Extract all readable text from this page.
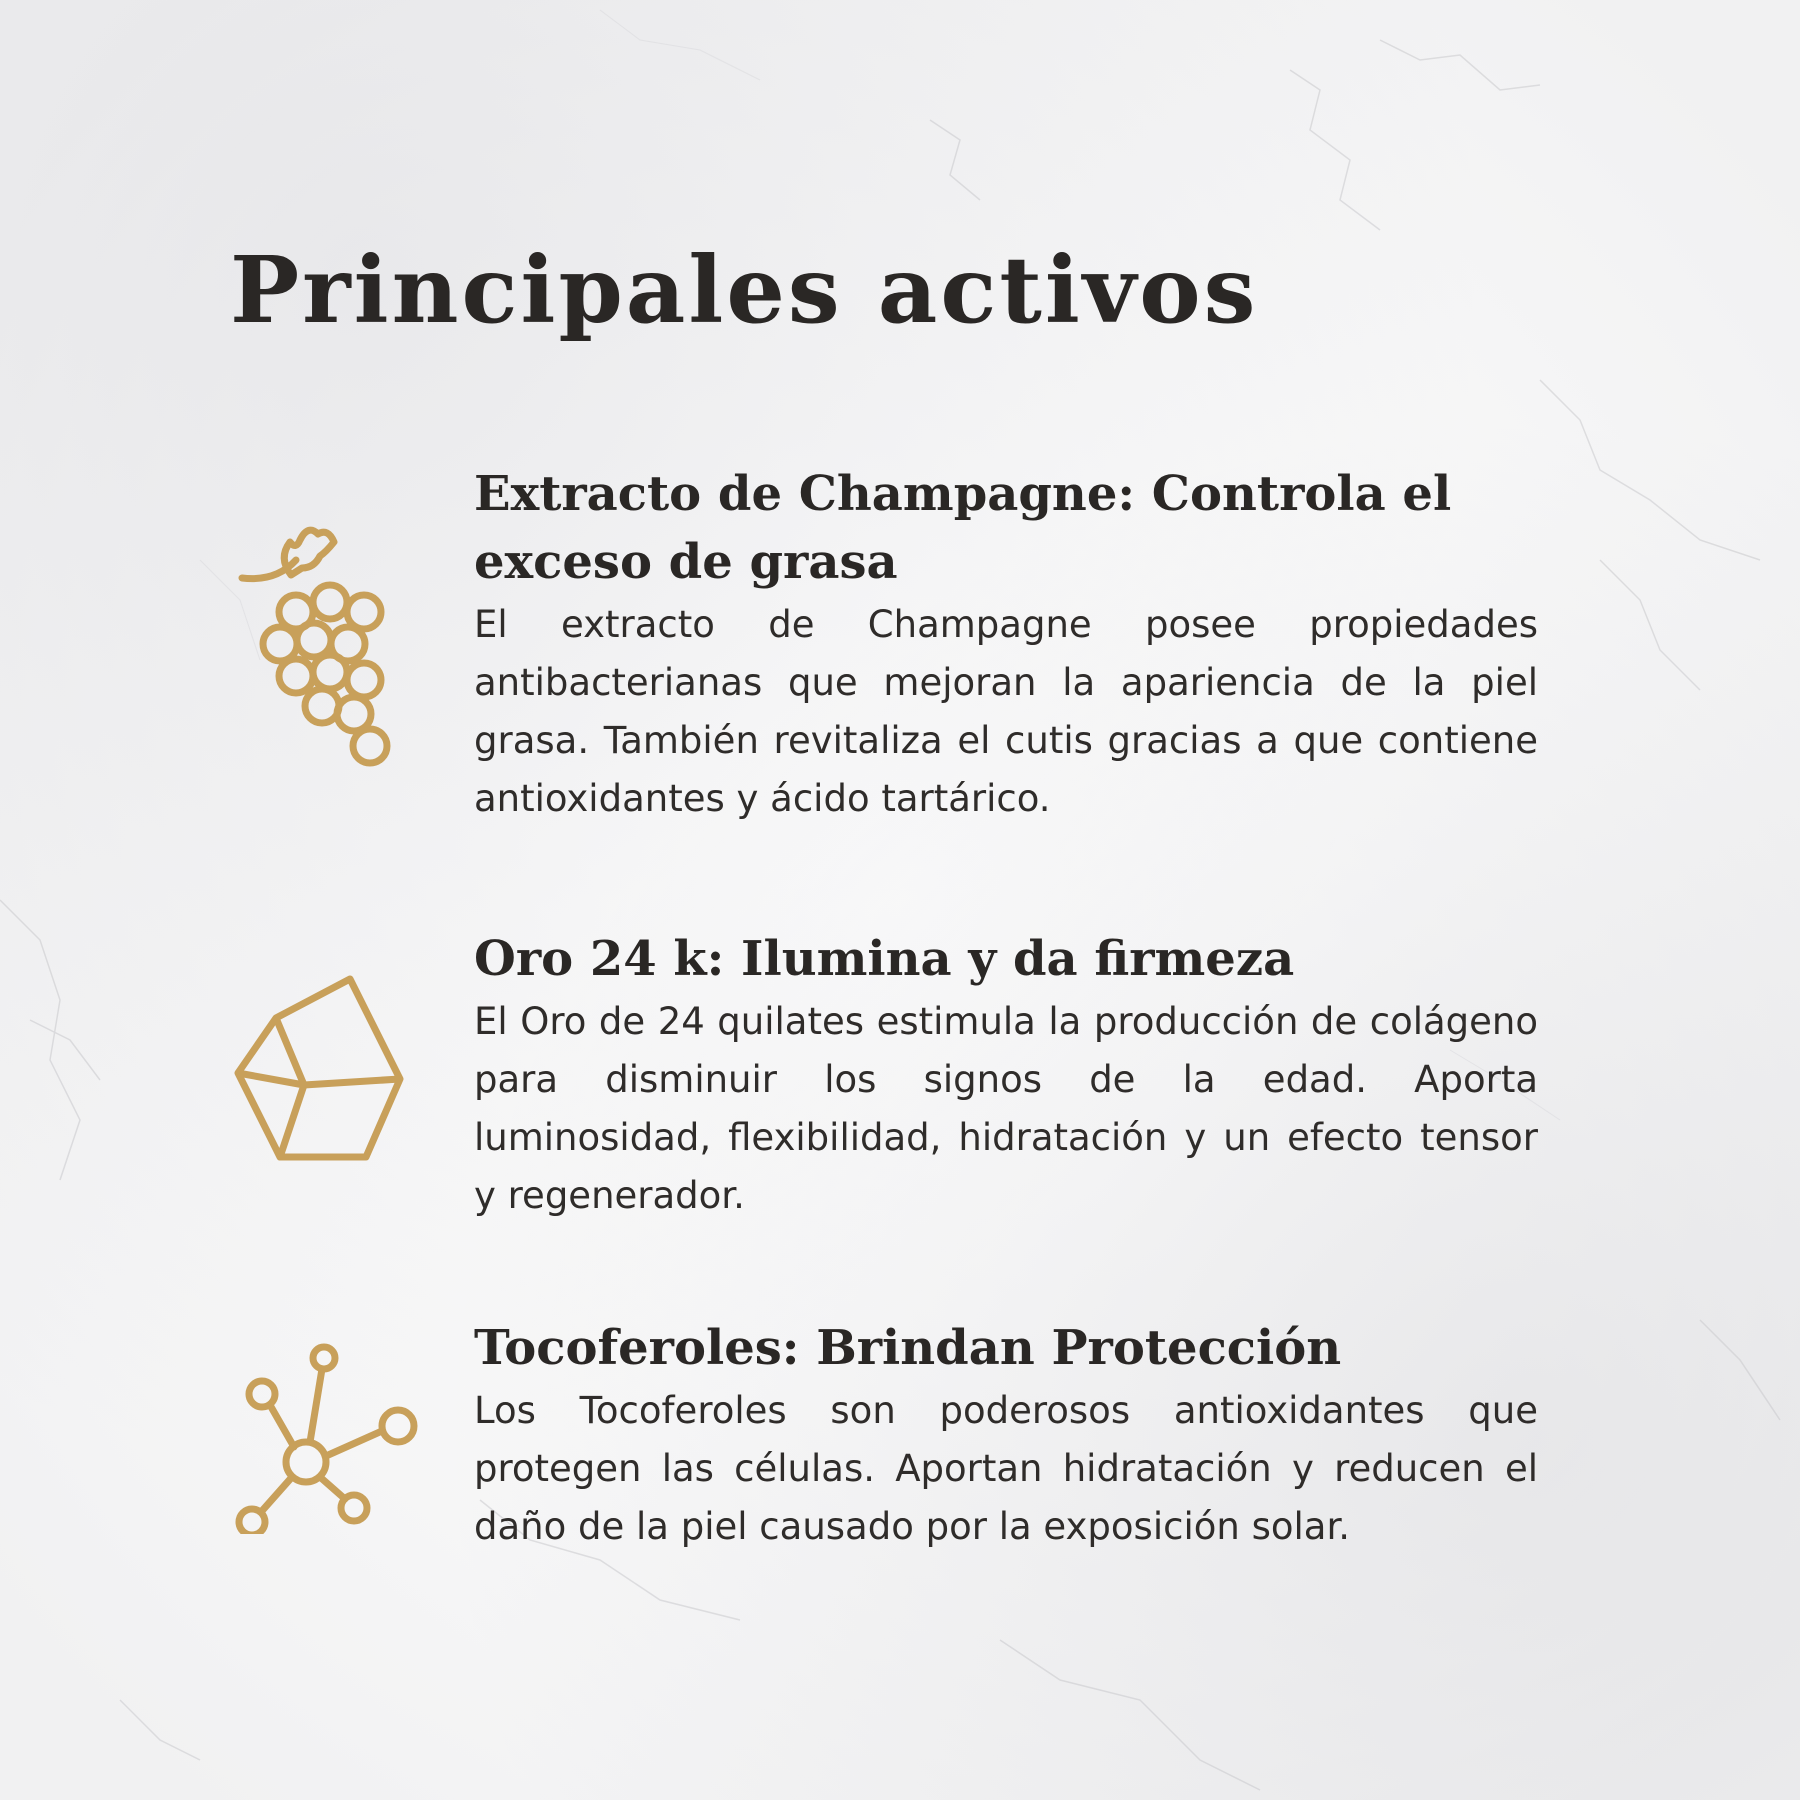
Principales activos
Extracto de Champagne: Controla el exceso de grasa

El extracto de Champagne posee propiedades antibacterianas que mejoran la apariencia de la piel grasa. También revitaliza el cutis gracias a que contiene antioxidantes y ácido tartárico.

Oro 24 k: Ilumina y da firmeza

El Oro de 24 quilates estimula la producción de colágeno para disminuir los signos de la edad. Aporta luminosidad, flexibilidad, hidratación y un efecto tensor y regenerador.

Tocoferoles: Brindan Protección

Los Tocoferoles son poderosos antioxidantes que protegen las células. Aportan hidratación y reducen el daño de la piel causado por la exposición solar.
